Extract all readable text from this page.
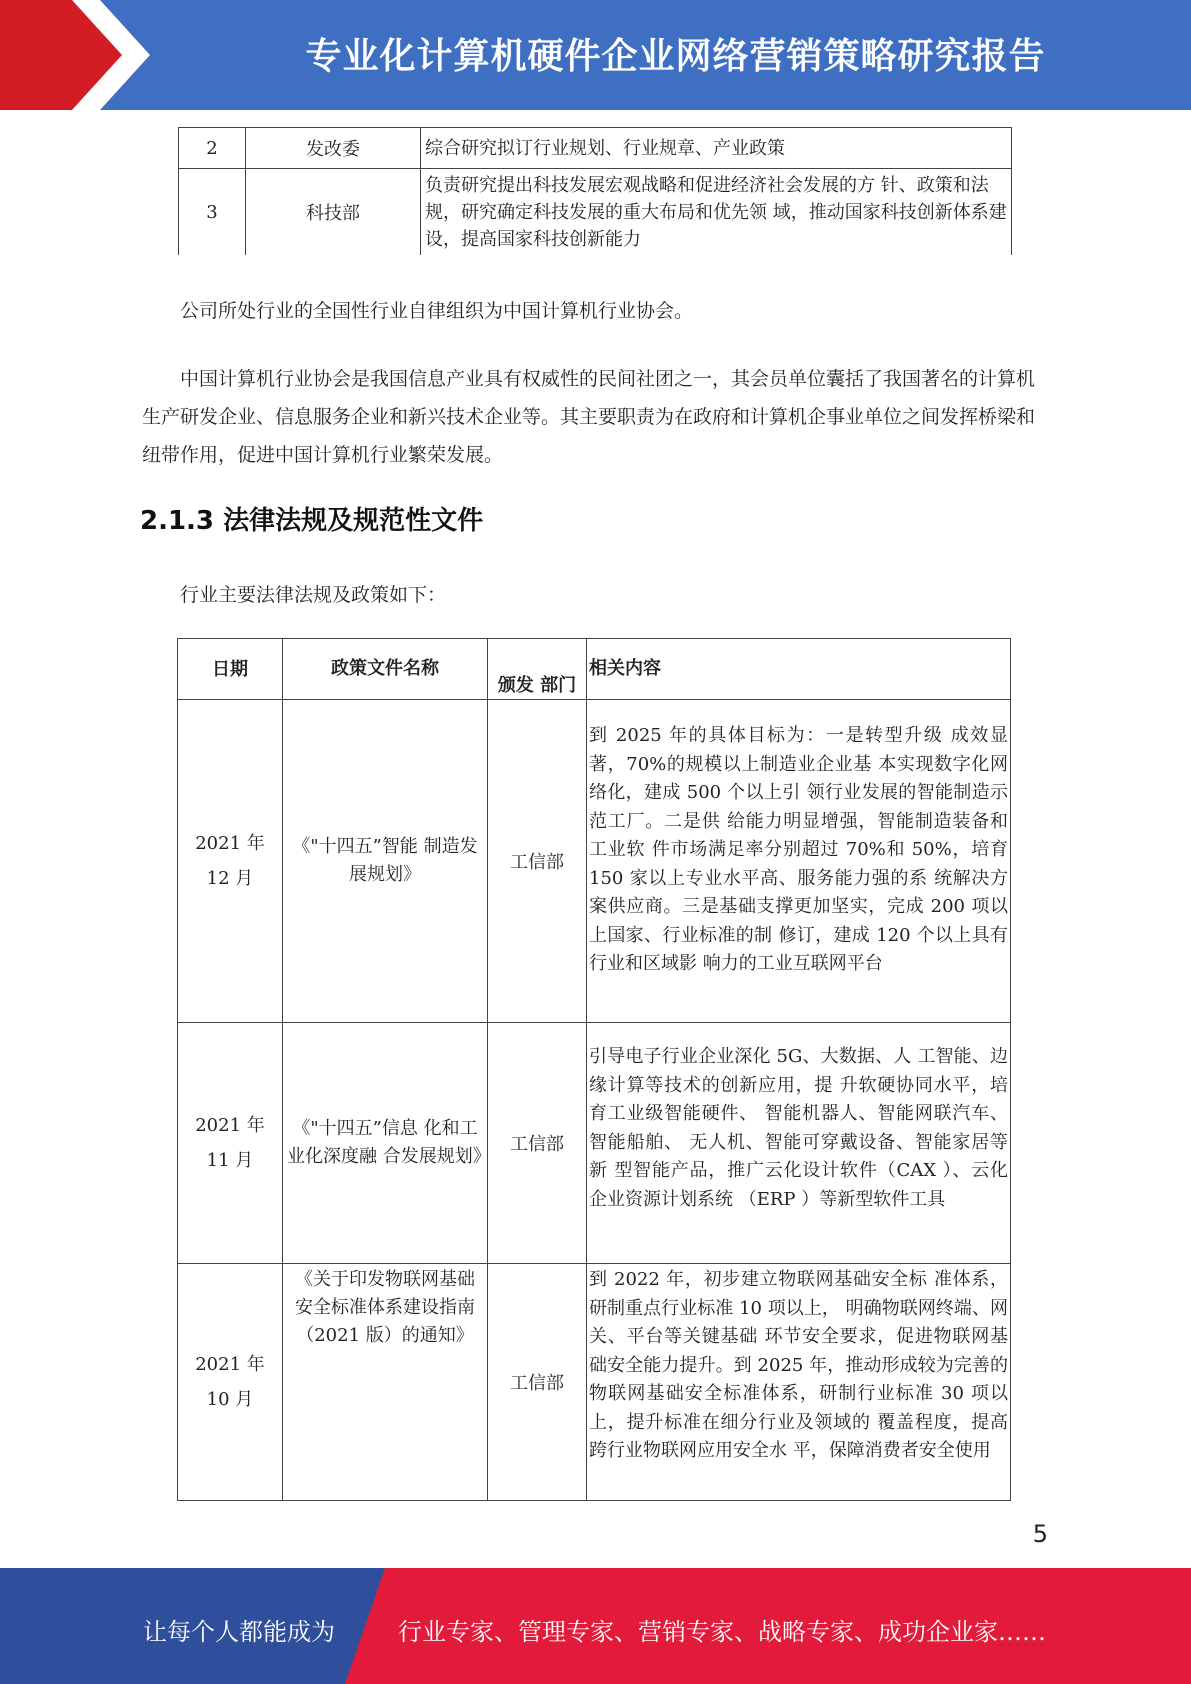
专业化计算机硬件企业网络营销策略研究报告
2	发改委	综合研究拟订行业规划、行业规章、产业政策
3	科技部	负责研究提出科技发展宏观战略和促进经济社会发展的方 针、政策和法规，研究确定科技发展的重大布局和优先领 域，推动国家科技创新体系建设，提高国家科技创新能力

公司所处行业的全国性行业自律组织为中国计算机行业协会。

中国计算机行业协会是我国信息产业具有权威性的民间社团之一，其会员单位囊括了我国著名的计算机生产研发企业、信息服务企业和新兴技术企业等。其主要职责为在政府和计算机企事业单位之间发挥桥梁和纽带作用，促进中国计算机行业繁荣发展。

2.1.3 法律法规及规范性文件

行业主要法律法规及政策如下：

日期	政策文件名称	颁发 部门	相关内容

2021 年
12 月	《"十四五”智能 制造发展规划》	工信部	到 2025 年的具体目标为：一是转型升级 成效显著，70%的规模以上制造业企业基 本实现数字化网络化，建成 500 个以上引 领行业发展的智能制造示范工厂。二是供 给能力明显增强，智能制造装备和工业软 件市场满足率分别超过 70%和 50%，培育 150 家以上专业水平高、服务能力强的系 统解决方案供应商。三是基础支撑更加坚实，完成 200 项以上国家、行业标准的制 修订，建成 120 个以上具有行业和区域影 响力的工业互联网平台

2021 年
11 月	《"十四五”信息 化和工业化深度融 合发展规划》	工信部	引导电子行业企业深化 5G、大数据、人 工智能、边缘计算等技术的创新应用，提 升软硬协同水平，培育工业级智能硬件、 智能机器人、智能网联汽车、智能船舶、 无人机、智能可穿戴设备、智能家居等新 型智能产品，推广云化设计软件（CAX ）、云化企业资源计划系统 （ERP ）等新型软件工具

2021 年
10 月	《关于印发物联网基础安全标准体系建设指南（2021 版）的通知》	工信部	到 2022 年，初步建立物联网基础安全标 准体系，研制重点行业标准 10 项以上， 明确物联网终端、网关、平台等关键基础 环节安全要求，促进物联网基础安全能力提升。到 2025 年，推动形成较为完善的 物联网基础安全标准体系，研制行业标准 30 项以上，提升标准在细分行业及领域的 覆盖程度，提高跨行业物联网应用安全水 平，保障消费者安全使用
5
让每个人都能成为	行业专家、管理专家、营销专家、战略专家、成功企业家……
